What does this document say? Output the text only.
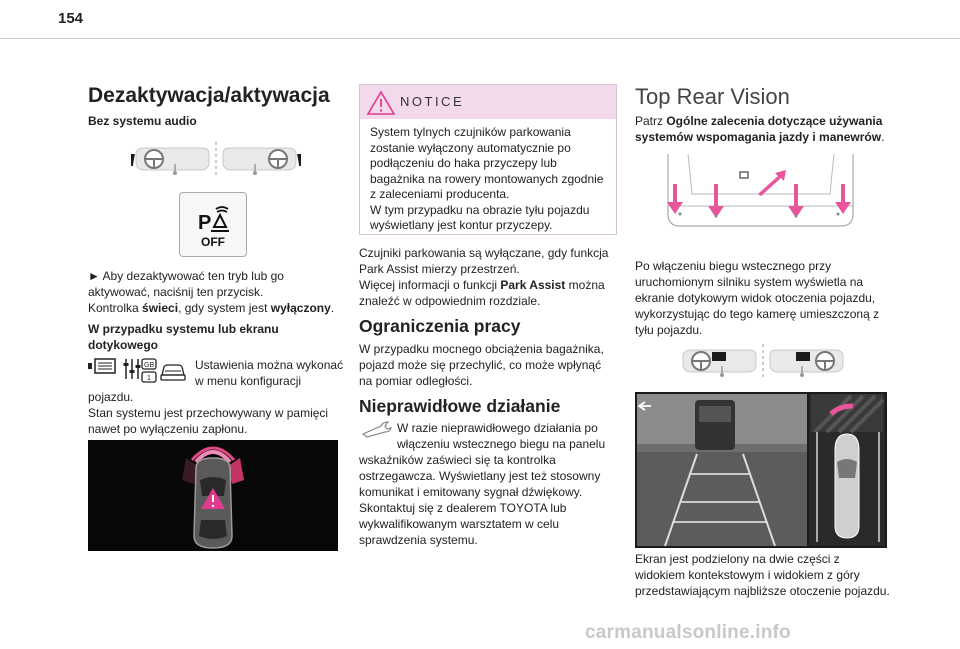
154
Dezaktywacja/aktywacja
Bez systemu audio
P
OFF
► Aby dezaktywować ten tryb lub go aktywować, naciśnij ten przycisk.
Kontrolka świeci, gdy system jest wyłączony.
W przypadku systemu lub ekranu dotykowego
GB
1
Ustawienia można wykonać w menu konfiguracji
pojazdu.
Stan systemu jest przechowywany w pamięci nawet po wyłączeniu zapłonu.
NOTICE
System tylnych czujników parkowania zostanie wyłączony automatycznie po podłączeniu do haka przyczepy lub bagażnika na rowery montowanych zgodnie z zaleceniami producenta.
W tym przypadku na obrazie tyłu pojazdu wyświetlany jest kontur przyczepy.
Czujniki parkowania są wyłączane, gdy funkcja Park Assist mierzy przestrzeń.
Więcej informacji o funkcji Park Assist można znaleźć w odpowiednim rozdziale.
Ograniczenia pracy
W przypadku mocnego obciążenia bagażnika, pojazd może się przechylić, co może wpłynąć na pomiar odległości.
Nieprawidłowe działanie
W razie nieprawidłowego działania po włączeniu wstecznego biegu na panelu
wskaźników zaświeci się ta kontrolka ostrzegawcza. Wyświetlany jest też stosowny komunikat i emitowany sygnał dźwiękowy.
Skontaktuj się z dealerem TOYOTA lub wykwalifikowanym warsztatem w celu sprawdzenia systemu.
Top Rear Vision
Patrz Ogólne zalecenia dotyczące używania systemów wspomagania jazdy i manewrów.
Po włączeniu biegu wstecznego przy uruchomionym silniku system wyświetla na ekranie dotykowym widok otoczenia pojazdu, wykorzystując do tego kamerę umieszczoną z tyłu pojazdu.
Ekran jest podzielony na dwie części z widokiem kontekstowym i widokiem z góry przedstawiającym najbliższe otoczenie pojazdu.
carmanualsonline.info
